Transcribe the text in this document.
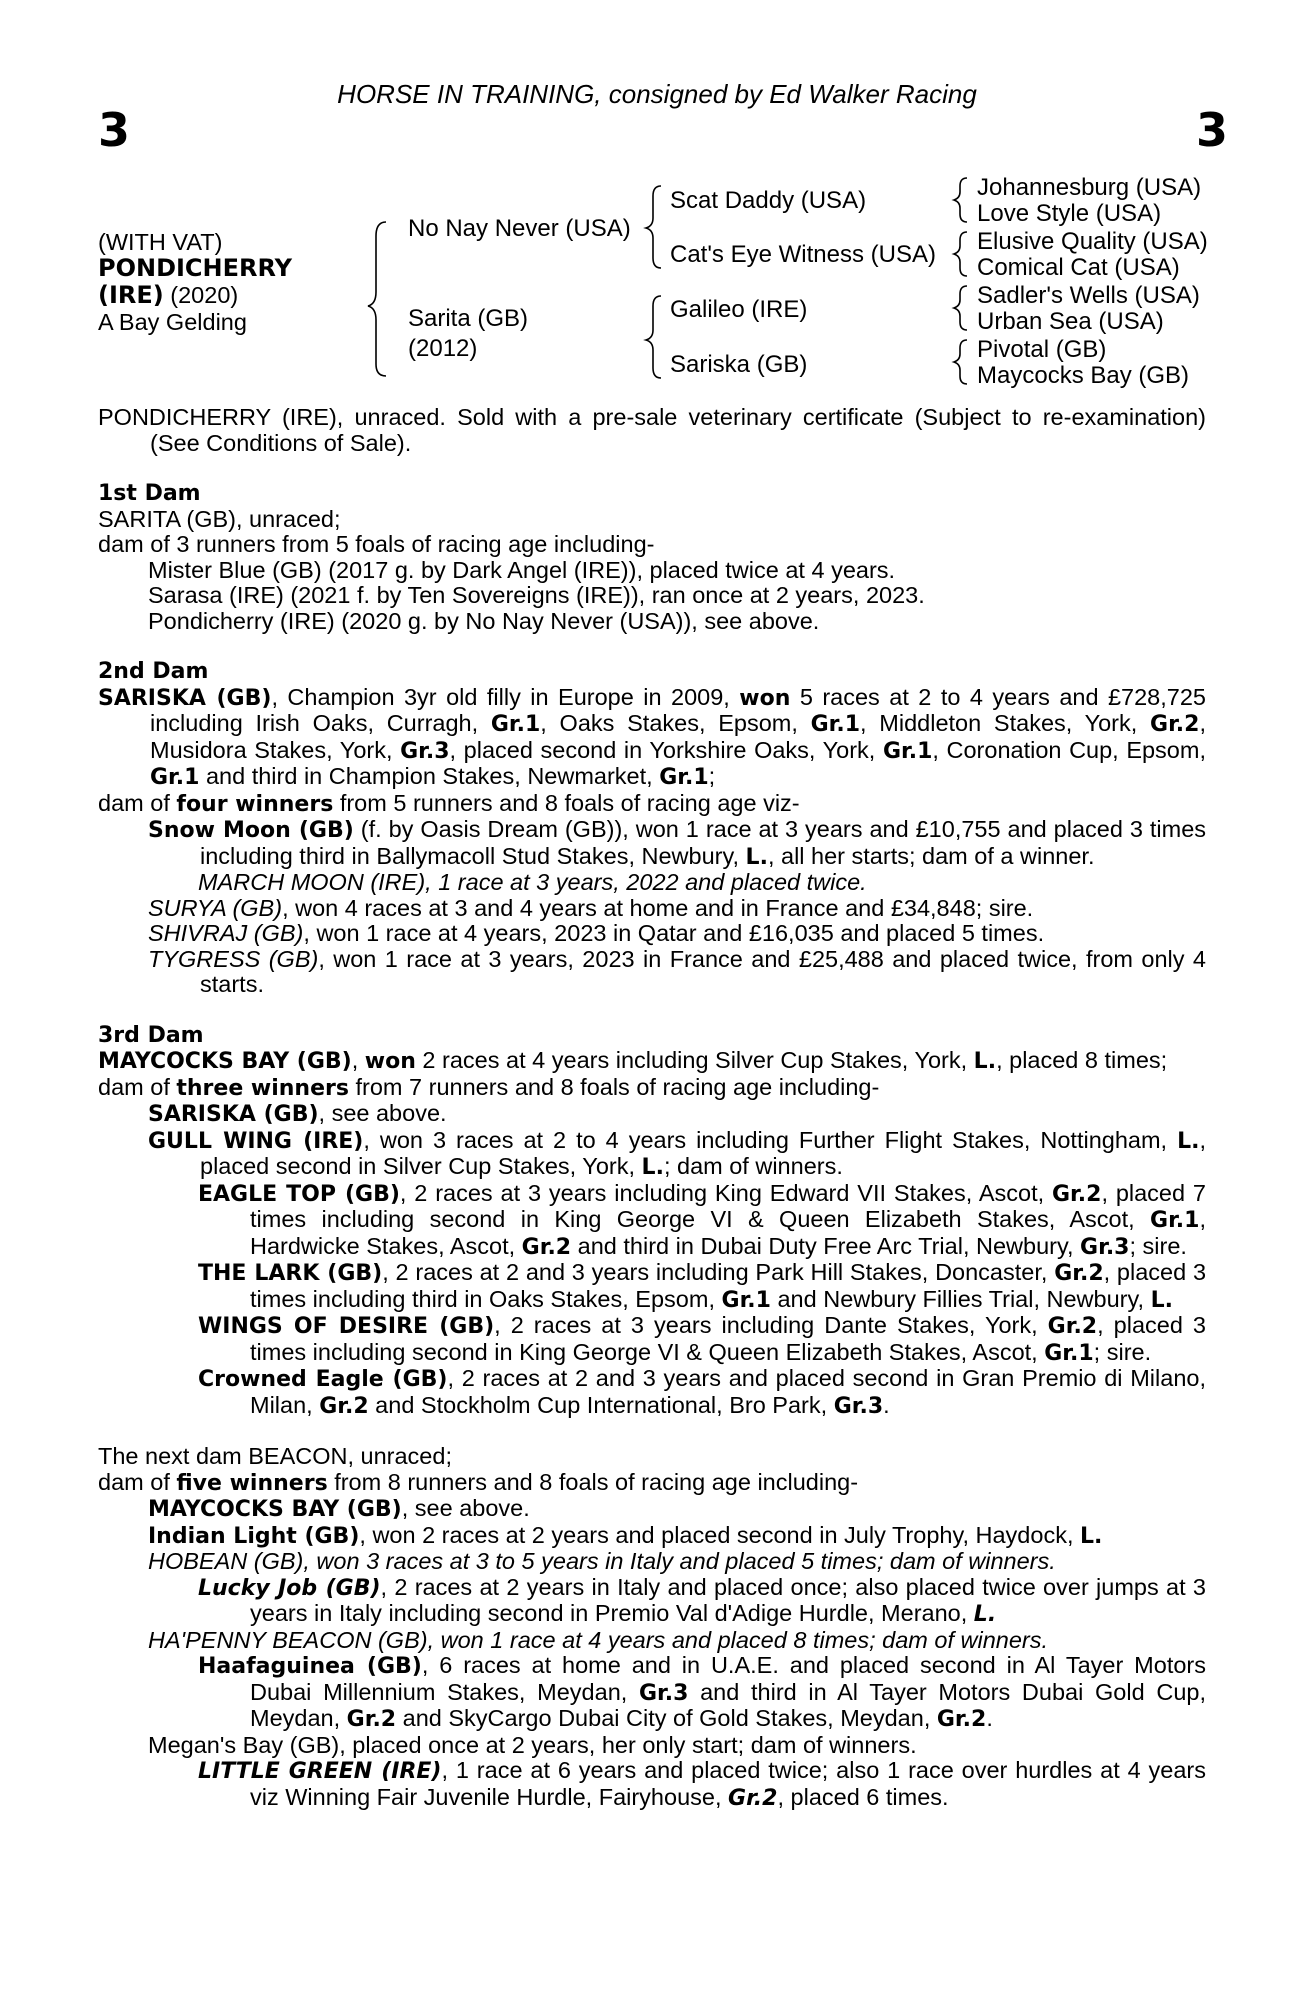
HORSE IN TRAINING, consigned by Ed Walker Racing
3	3
(WITH VAT)
PONDICHERRY
(IRE) (2020)
A Bay Gelding
No Nay Never (USA)
Sarita (GB)
(2012)
Scat Daddy (USA)
Cat's Eye Witness (USA)
Galileo (IRE)
Sariska (GB)
Johannesburg (USA)
Love Style (USA)
Elusive Quality (USA)
Comical Cat (USA)
Sadler's Wells (USA)
Urban Sea (USA)
Pivotal (GB)
Maycocks Bay (GB)

PONDICHERRY (IRE), unraced. Sold with a pre-sale veterinary certificate (Subject to re-examination) (See Conditions of Sale).

1st Dam

SARITA (GB), unraced;

dam of 3 runners from 5 foals of racing age including-

Mister Blue (GB) (2017 g. by Dark Angel (IRE)), placed twice at 4 years.

Sarasa (IRE) (2021 f. by Ten Sovereigns (IRE)), ran once at 2 years, 2023.

Pondicherry (IRE) (2020 g. by No Nay Never (USA)), see above.

2nd Dam

SARISKA (GB), Champion 3yr old filly in Europe in 2009, won 5 races at 2 to 4 years and £728,725 including Irish Oaks, Curragh, Gr.1, Oaks Stakes, Epsom, Gr.1, Middleton Stakes, York, Gr.2, Musidora Stakes, York, Gr.3, placed second in Yorkshire Oaks, York, Gr.1, Coronation Cup, Epsom, Gr.1 and third in Champion Stakes, Newmarket, Gr.1;

dam of four winners from 5 runners and 8 foals of racing age viz-

Snow Moon (GB) (f. by Oasis Dream (GB)), won 1 race at 3 years and £10,755 and placed 3 times including third in Ballymacoll Stud Stakes, Newbury, L., all her starts; dam of a winner.

MARCH MOON (IRE), 1 race at 3 years, 2022 and placed twice.

SURYA (GB), won 4 races at 3 and 4 years at home and in France and £34,848; sire.

SHIVRAJ (GB), won 1 race at 4 years, 2023 in Qatar and £16,035 and placed 5 times.

TYGRESS (GB), won 1 race at 3 years, 2023 in France and £25,488 and placed twice, from only 4 starts.

3rd Dam

MAYCOCKS BAY (GB), won 2 races at 4 years including Silver Cup Stakes, York, L., placed 8 times;

dam of three winners from 7 runners and 8 foals of racing age including-

SARISKA (GB), see above.

GULL WING (IRE), won 3 races at 2 to 4 years including Further Flight Stakes, Nottingham, L., placed second in Silver Cup Stakes, York, L.; dam of winners.

EAGLE TOP (GB), 2 races at 3 years including King Edward VII Stakes, Ascot, Gr.2, placed 7 times including second in King George VI & Queen Elizabeth Stakes, Ascot, Gr.1, Hardwicke Stakes, Ascot, Gr.2 and third in Dubai Duty Free Arc Trial, Newbury, Gr.3; sire.

THE LARK (GB), 2 races at 2 and 3 years including Park Hill Stakes, Doncaster, Gr.2, placed 3 times including third in Oaks Stakes, Epsom, Gr.1 and Newbury Fillies Trial, Newbury, L.

WINGS OF DESIRE (GB), 2 races at 3 years including Dante Stakes, York, Gr.2, placed 3 times including second in King George VI & Queen Elizabeth Stakes, Ascot, Gr.1; sire.

Crowned Eagle (GB), 2 races at 2 and 3 years and placed second in Gran Premio di Milano, Milan, Gr.2 and Stockholm Cup International, Bro Park, Gr.3.

The next dam BEACON, unraced;

dam of five winners from 8 runners and 8 foals of racing age including-

MAYCOCKS BAY (GB), see above.

Indian Light (GB), won 2 races at 2 years and placed second in July Trophy, Haydock, L.

HOBEAN (GB), won 3 races at 3 to 5 years in Italy and placed 5 times; dam of winners.

Lucky Job (GB), 2 races at 2 years in Italy and placed once; also placed twice over jumps at 3 years in Italy including second in Premio Val d'Adige Hurdle, Merano, L.

HA'PENNY BEACON (GB), won 1 race at 4 years and placed 8 times; dam of winners.

Haafaguinea (GB), 6 races at home and in U.A.E. and placed second in Al Tayer Motors Dubai Millennium Stakes, Meydan, Gr.3 and third in Al Tayer Motors Dubai Gold Cup, Meydan, Gr.2 and SkyCargo Dubai City of Gold Stakes, Meydan, Gr.2.

Megan's Bay (GB), placed once at 2 years, her only start; dam of winners.

LITTLE GREEN (IRE), 1 race at 6 years and placed twice; also 1 race over hurdles at 4 years viz Winning Fair Juvenile Hurdle, Fairyhouse, Gr.2, placed 6 times.
